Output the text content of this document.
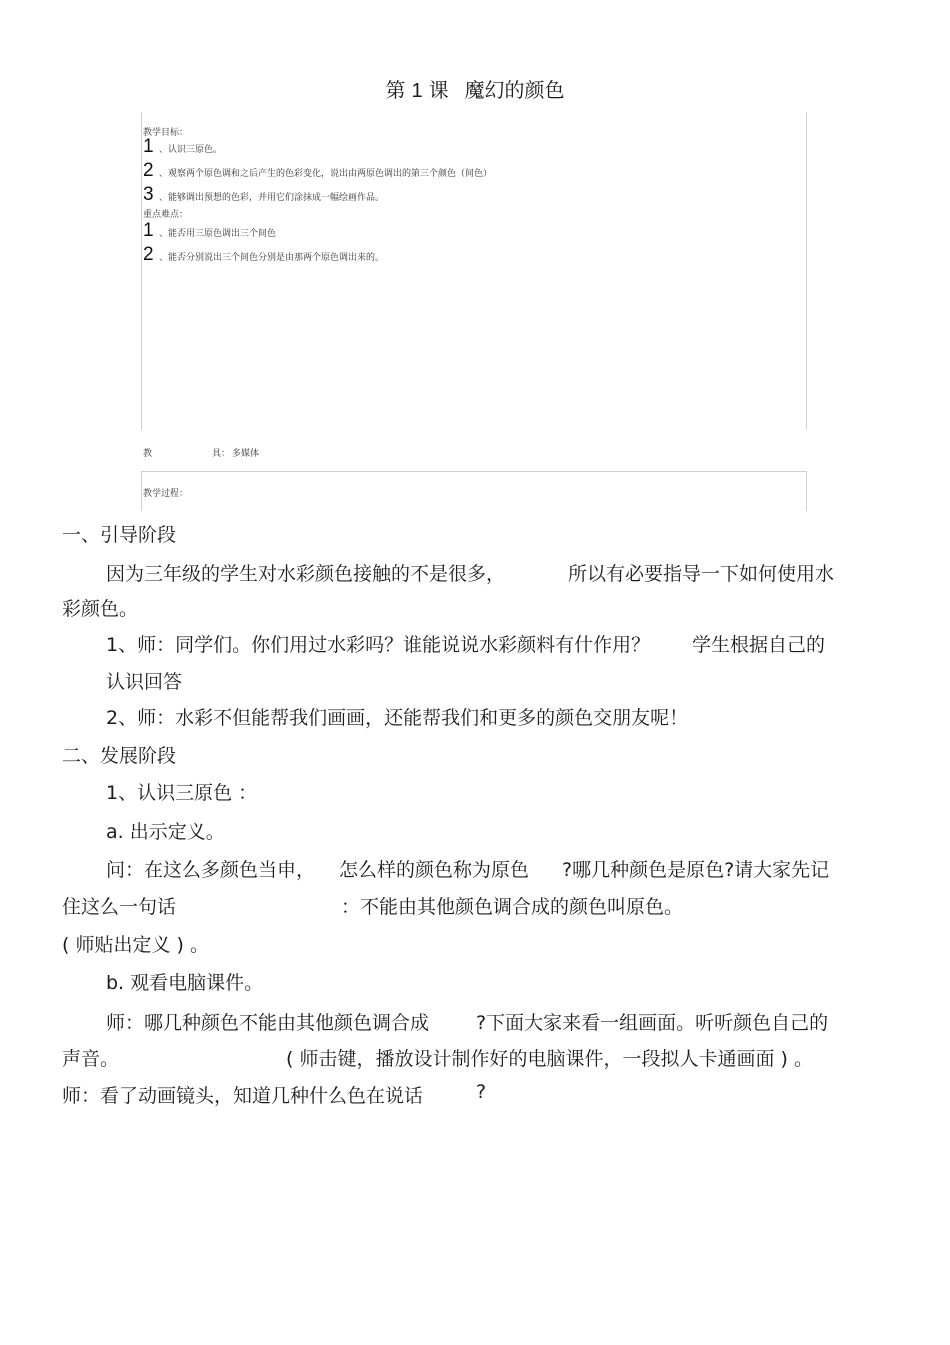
第 1 课 魔幻的颜色
教学目标：
1 、认识三原色。
2 、观察两个原色调和之后产生的色彩变化，说出由两原色调出的第三个颜色（间色）
3 、能够调出预想的色彩，并用它们涂抹成一幅绘画作品。
重点难点：
1 、能否用三原色调出三个间色
2 、能否分别说出三个间色分别是由那两个原色调出来的。
教	具： 多媒体
教学过程：
一、引导阶段
因为三年级的学生对水彩颜色接触的不是很多，	所以有必要指导一下如何使用水
彩颜色。
1、师：同学们。你们用过水彩吗？谁能说说水彩颜料有什作用？ 学生根据自己的
认识回答
2、师：水彩不但能帮我们画画，还能帮我们和更多的颜色交朋友呢！
二、发展阶段
1、认识三原色 ：
a. 出示定义。
问：在这么多颜色当申， 怎么样的颜色称为原色 ?哪几种颜色是原色?请大家先记
住这么一句话	：不能由其他颜色调合成的颜色叫原色。
( 师贴出定义 ) 。
b. 观看电脑课件。
师：哪几种颜色不能由其他颜色调合成 ?下面大家来看一组画面。听听颜色自己的
声音。	( 师击键，播放设计制作好的电脑课件，一段拟人卡通画面 ) 。
师：看了动画镜头，知道几种什么色在说话	?
